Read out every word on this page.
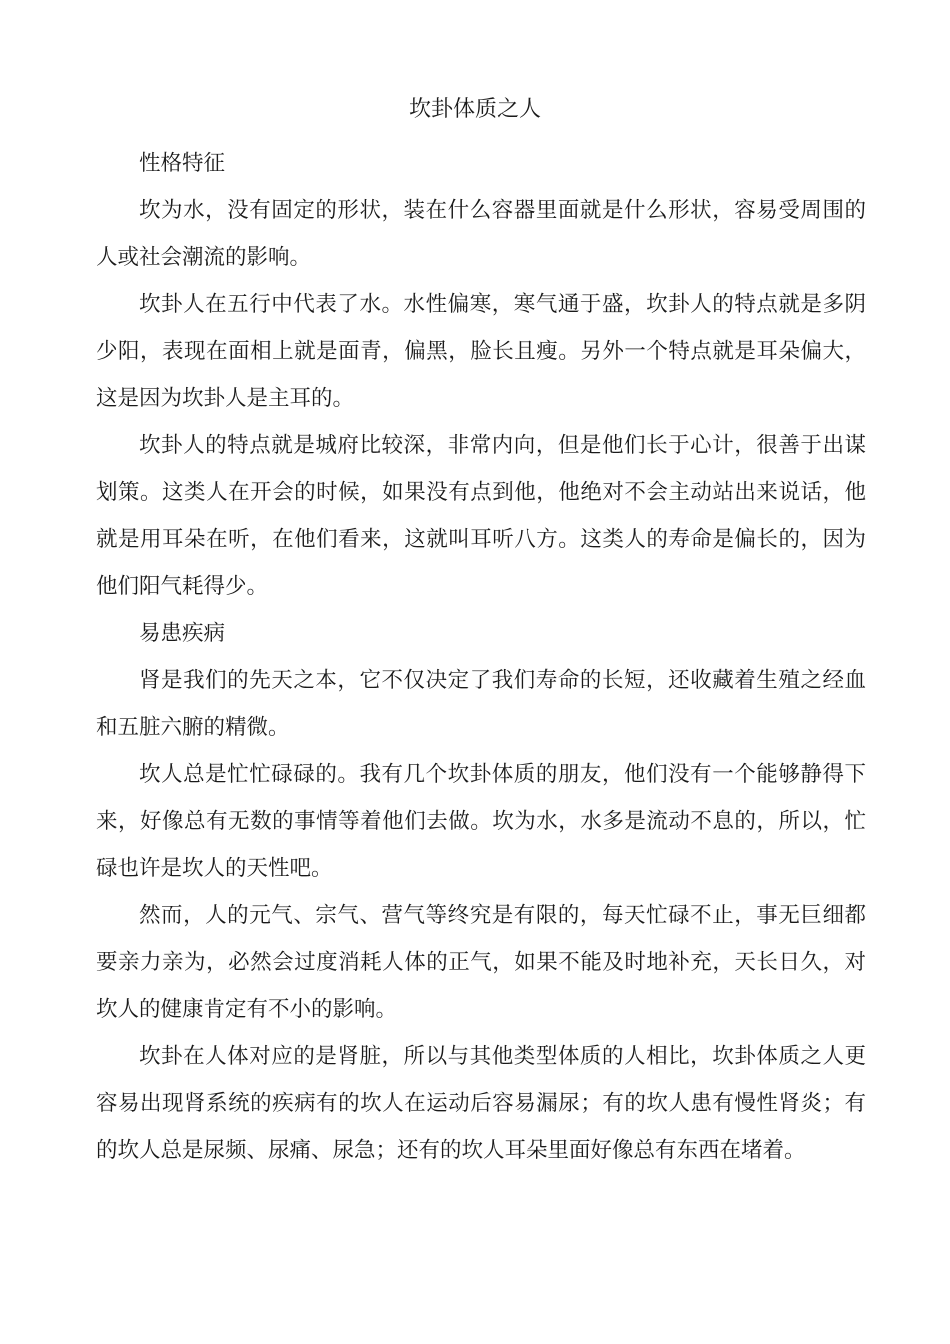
坎卦体质之人

性格特征

坎为水，没有固定的形状，装在什么容器里面就是什么形状，容易受周围的人或社会潮流的影响。

坎卦人在五行中代表了水。水性偏寒，寒气通于盛，坎卦人的特点就是多阴少阳，表现在面相上就是面青，偏黑，脸长且瘦。另外一个特点就是耳朵偏大，这是因为坎卦人是主耳的。

坎卦人的特点就是城府比较深，非常内向，但是他们长于心计，很善于出谋划策。这类人在开会的时候，如果没有点到他，他绝对不会主动站出来说话，他就是用耳朵在听，在他们看来，这就叫耳听八方。这类人的寿命是偏长的，因为他们阳气耗得少。

易患疾病

肾是我们的先天之本，它不仅决定了我们寿命的长短，还收藏着生殖之经血和五脏六腑的精微。

坎人总是忙忙碌碌的。我有几个坎卦体质的朋友，他们没有一个能够静得下来，好像总有无数的事情等着他们去做。坎为水，水多是流动不息的，所以，忙碌也许是坎人的天性吧。

然而，人的元气、宗气、营气等终究是有限的，每天忙碌不止，事无巨细都要亲力亲为，必然会过度消耗人体的正气，如果不能及时地补充，天长日久，对坎人的健康肯定有不小的影响。

坎卦在人体对应的是肾脏，所以与其他类型体质的人相比，坎卦体质之人更容易出现肾系统的疾病有的坎人在运动后容易漏尿；有的坎人患有慢性肾炎；有的坎人总是尿频、尿痛、尿急；还有的坎人耳朵里面好像总有东西在堵着。
